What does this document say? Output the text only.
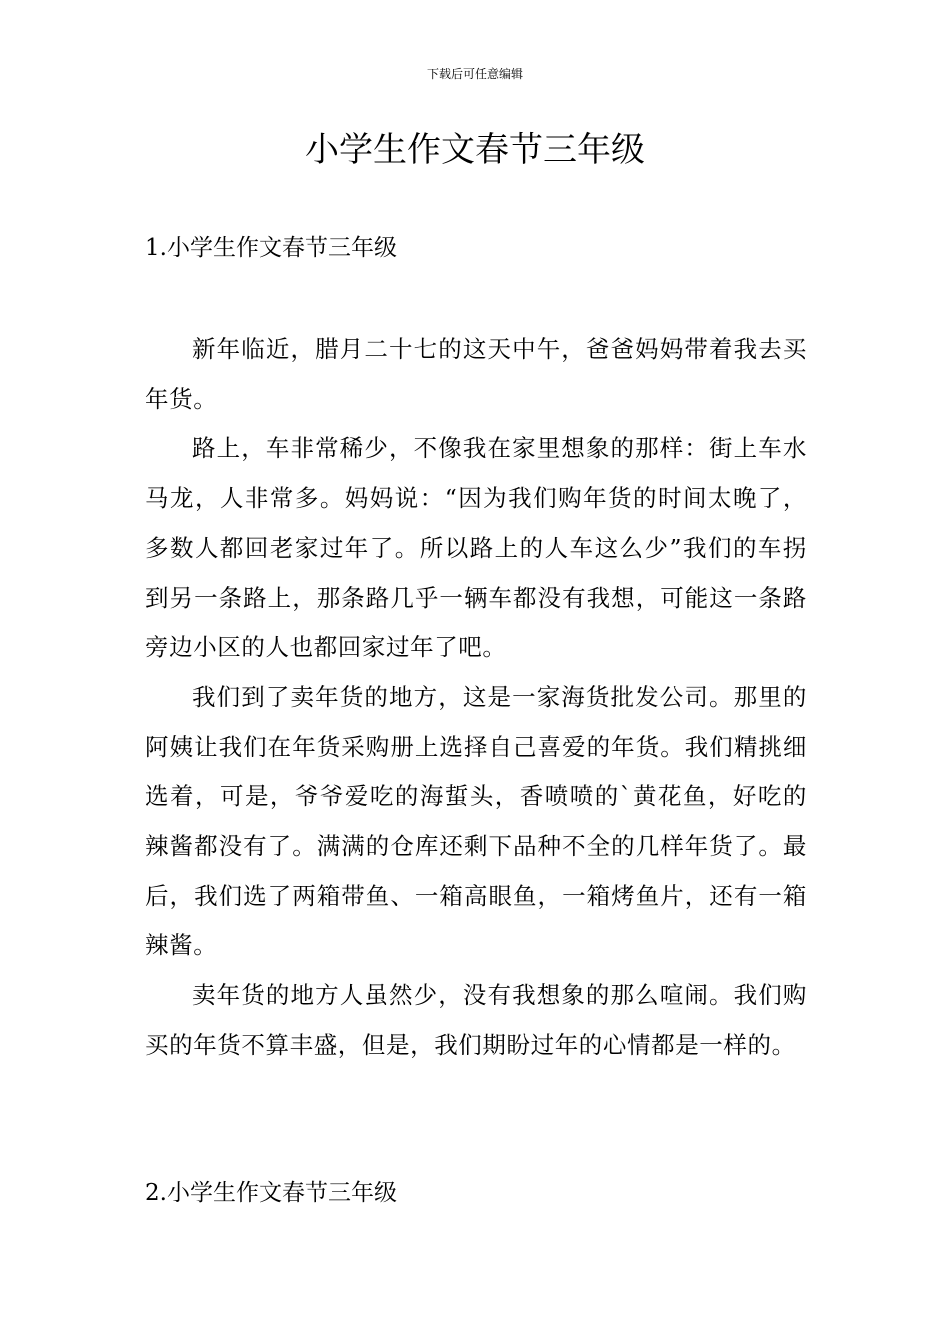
下载后可任意编辑
小学生作文春节三年级
1.小学生作文春节三年级

新年临近，腊月二十七的这天中午，爸爸妈妈带着我去买年货。

路上，车非常稀少，不像我在家里想象的那样：街上车水马龙，人非常多。妈妈说：“因为我们购年货的时间太晚了，多数人都回老家过年了。所以路上的人车这么少”我们的车拐到另一条路上，那条路几乎一辆车都没有我想，可能这一条路旁边小区的人也都回家过年了吧。

我们到了卖年货的地方，这是一家海货批发公司。那里的阿姨让我们在年货采购册上选择自己喜爱的年货。我们精挑细选着，可是，爷爷爱吃的海蜇头，香喷喷的`黄花鱼，好吃的辣酱都没有了。满满的仓库还剩下品种不全的几样年货了。最后，我们选了两箱带鱼、一箱高眼鱼，一箱烤鱼片，还有一箱辣酱。

卖年货的地方人虽然少，没有我想象的那么喧闹。我们购买的年货不算丰盛，但是，我们期盼过年的心情都是一样的。

2.小学生作文春节三年级
